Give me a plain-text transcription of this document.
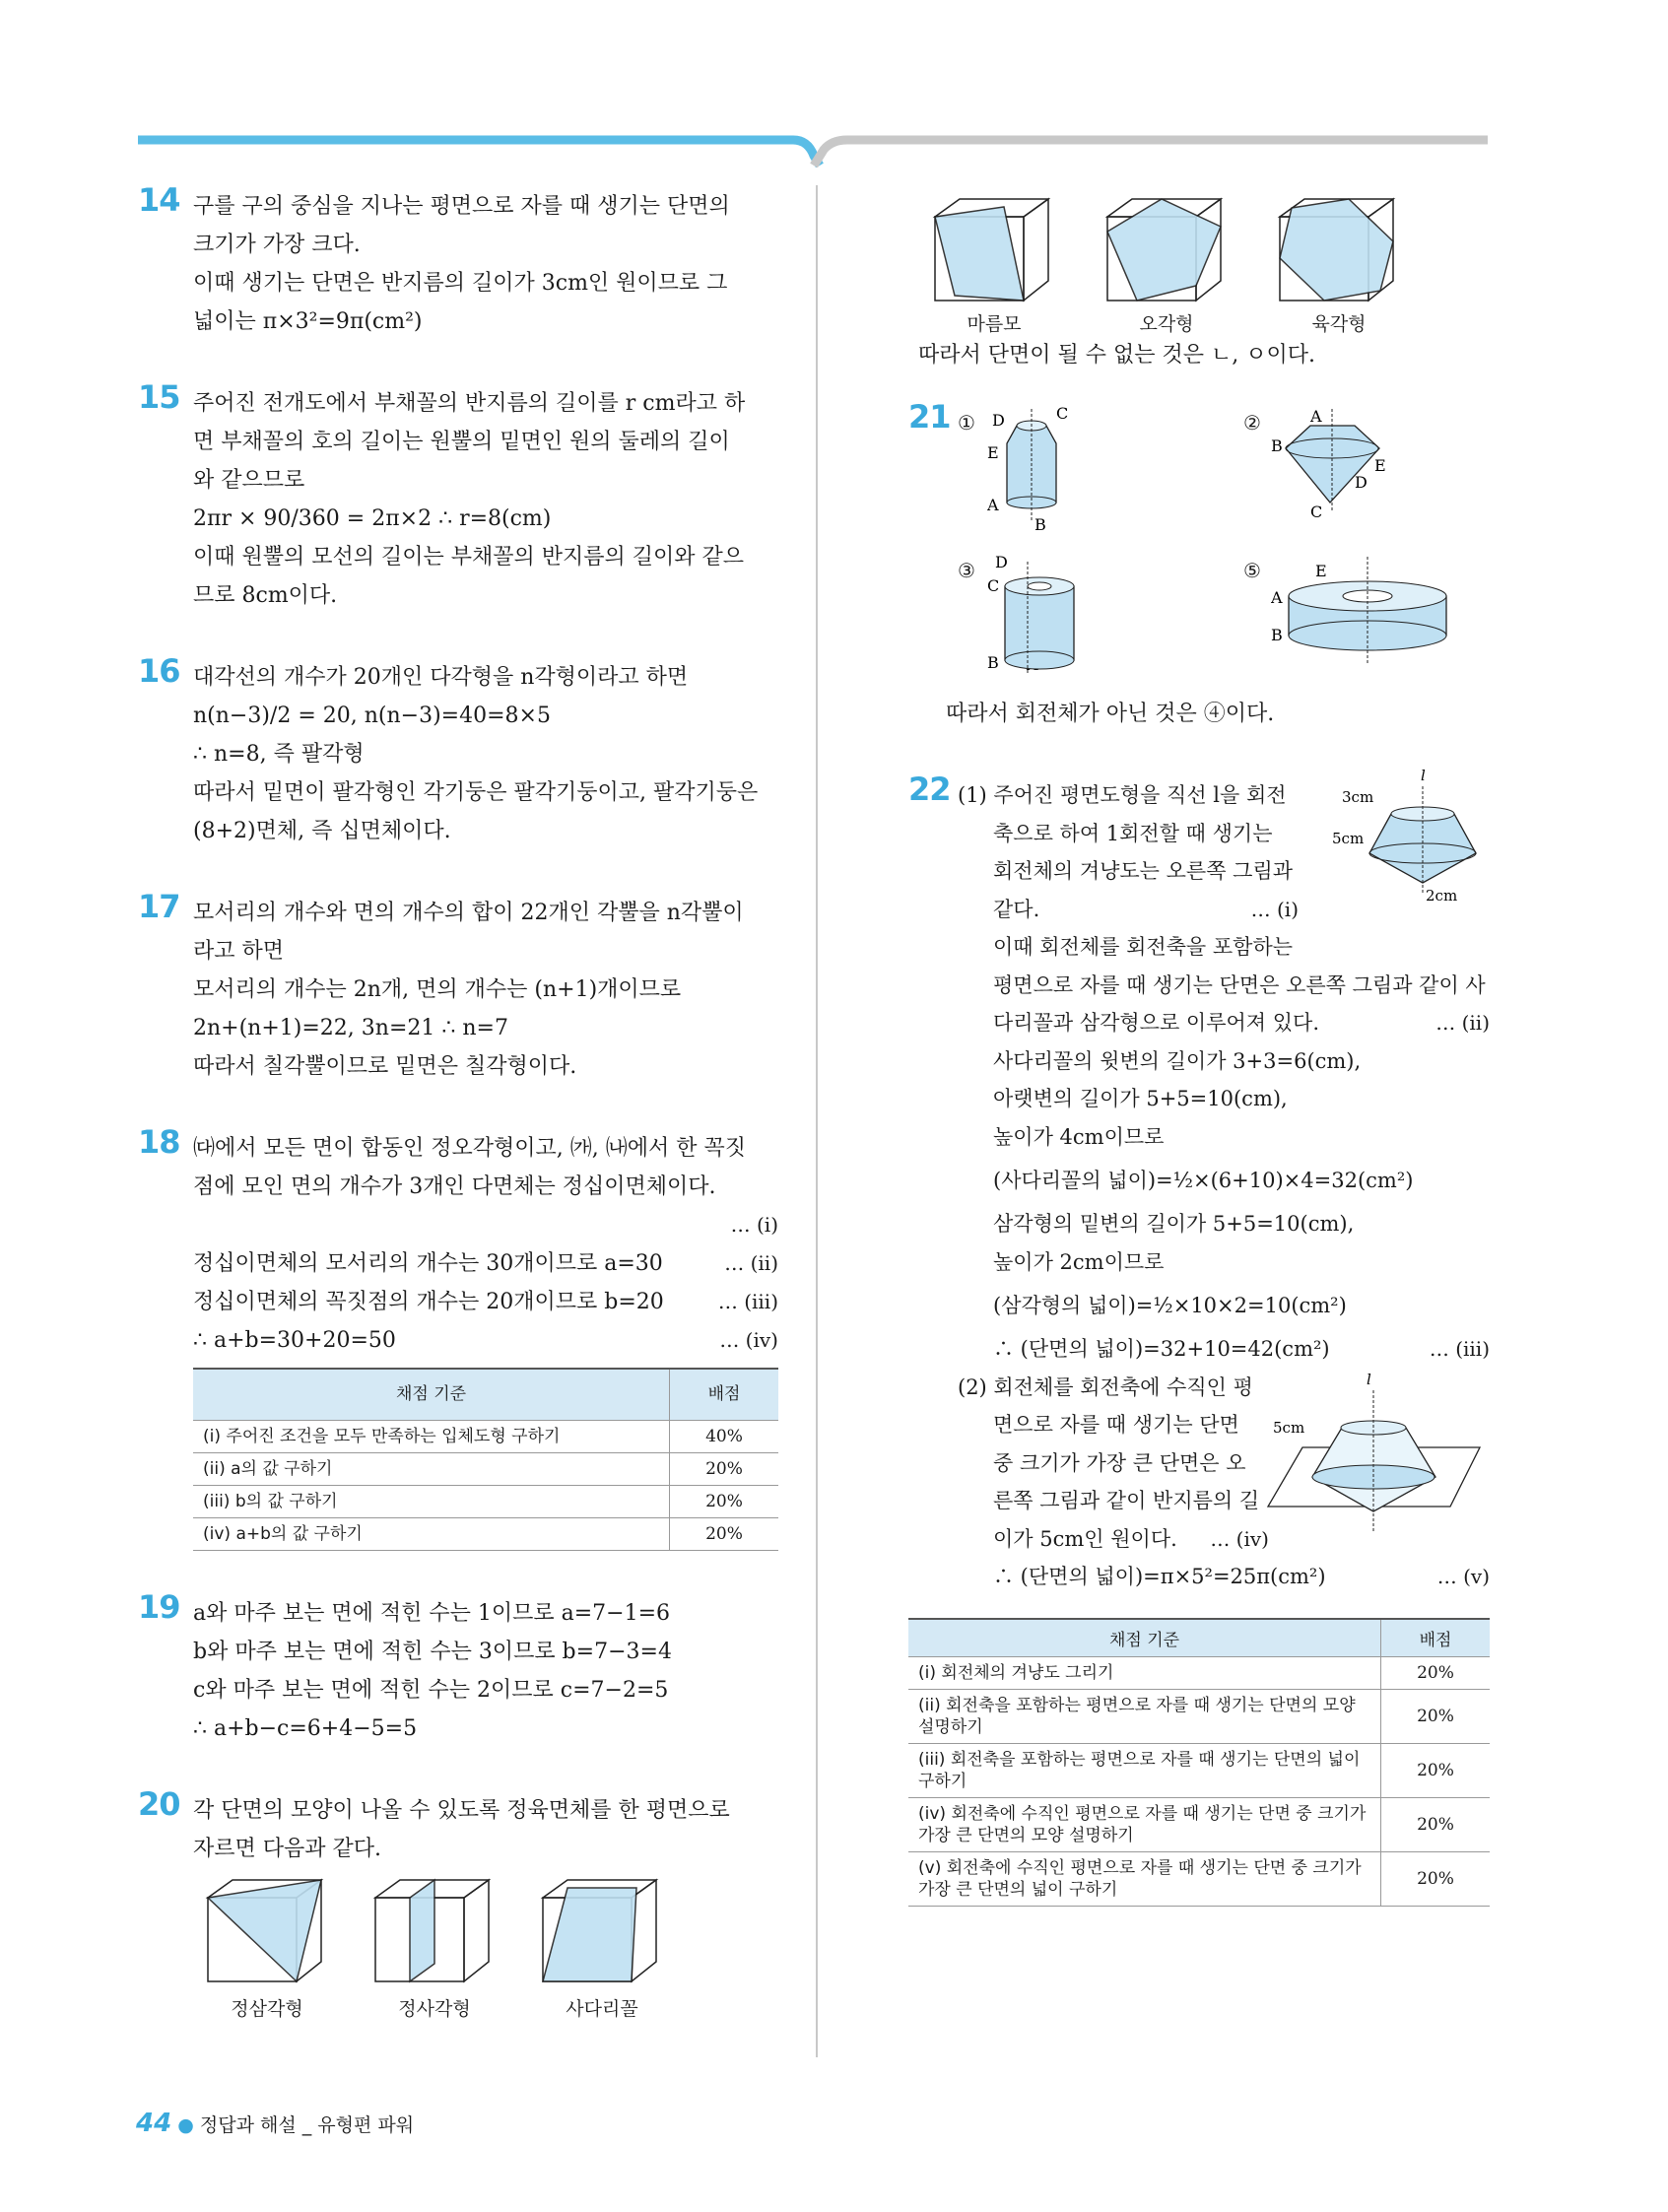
14 구를 구의 중심을 지나는 평면으로 자를 때 생기는 단면의
크기가 가장 크다.
이때 생기는 단면은 반지름의 길이가 3cm인 원이므로 그
넓이는 π×3²=9π(cm²)
15 주어진 전개도에서 부채꼴의 반지름의 길이를 r cm라고 하
면 부채꼴의 호의 길이는 원뿔의 밑면인 원의 둘레의 길이
와 같으므로
2πr × 90/360 = 2π×2 ∴ r=8(cm)
이때 원뿔의 모선의 길이는 부채꼴의 반지름의 길이와 같으
므로 8cm이다.
16 대각선의 개수가 20개인 다각형을 n각형이라고 하면
n(n−3)/2 = 20, n(n−3)=40=8×5
∴ n=8, 즉 팔각형
따라서 밑면이 팔각형인 각기둥은 팔각기둥이고, 팔각기둥은
(8+2)면체, 즉 십면체이다.
17 모서리의 개수와 면의 개수의 합이 22개인 각뿔을 n각뿔이
라고 하면
모서리의 개수는 2n개, 면의 개수는 (n+1)개이므로
2n+(n+1)=22, 3n=21 ∴ n=7
따라서 칠각뿔이므로 밑면은 칠각형이다.
18 ㈐에서 모든 면이 합동인 정오각형이고, ㈎, ㈏에서 한 꼭짓
점에 모인 면의 개수가 3개인 다면체는 정십이면체이다.

… (i)
정십이면체의 모서리의 개수는 30개이므로 a=30	… (ii)
정십이면체의 꼭짓점의 개수는 20개이므로 b=20	… (iii)
∴ a+b=30+20=50	… (iv)
채점 기준	배점
(i) 주어진 조건을 모두 만족하는 입체도형 구하기	40%
(ii) a의 값 구하기	20%
(iii) b의 값 구하기	20%
(iv) a+b의 값 구하기	20%
19 a와 마주 보는 면에 적힌 수는 1이므로 a=7−1=6
b와 마주 보는 면에 적힌 수는 3이므로 b=7−3=4
c와 마주 보는 면에 적힌 수는 2이므로 c=7−2=5
∴ a+b−c=6+4−5=5
20 각 단면의 모양이 나올 수 있도록 정육면체를 한 평면으로
자르면 다음과 같다.
정삼각형	정사각형	사다리꼴
마름모	오각형	육각형
따라서 단면이 될 수 없는 것은 ㄴ, ㅇ이다.
21 ① D	C
E
A
B
②	A
B
E
D
C
③ D
C
B
⑤	E
A
B
따라서 회전체가 아닌 것은 ④이다.
22	l
3cm
5cm
2cm
(1) 주어진 평면도형을 직선 l을 회전
축으로 하여 1회전할 때 생기는
회전체의 겨냥도는 오른쪽 그림과
같다.	… (i)
이때 회전체를 회전축을 포함하는
평면으로 자를 때 생기는 단면은 오른쪽 그림과 같이 사
다리꼴과 삼각형으로 이루어져 있다.	… (ii)
사다리꼴의 윗변의 길이가 3+3=6(cm),
아랫변의 길이가 5+5=10(cm),
높이가 4cm이므로
(사다리꼴의 넓이)=½×(6+10)×4=32(cm²)
삼각형의 밑변의 길이가 5+5=10(cm),
높이가 2cm이므로
(삼각형의 넓이)=½×10×2=10(cm²)
∴ (단면의 넓이)=32+10=42(cm²)	… (iii)
l
5cm
(2) 회전체를 회전축에 수직인 평
면으로 자를 때 생기는 단면
중 크기가 가장 큰 단면은 오
른쪽 그림과 같이 반지름의 길
이가 5cm인 원이다. … (iv)
∴ (단면의 넓이)=π×5²=25π(cm²)	… (v)
채점 기준	배점
(i) 회전체의 겨냥도 그리기	20%
(ii) 회전축을 포함하는 평면으로 자를 때 생기는 단면의 모양 설명하기	20%
(iii) 회전축을 포함하는 평면으로 자를 때 생기는 단면의 넓이 구하기	20%
(iv) 회전축에 수직인 평면으로 자를 때 생기는 단면 중 크기가 가장 큰 단면의 모양 설명하기	20%
(v) 회전축에 수직인 평면으로 자를 때 생기는 단면 중 크기가 가장 큰 단면의 넓이 구하기	20%
44 ● 정답과 해설 _ 유형편 파워
